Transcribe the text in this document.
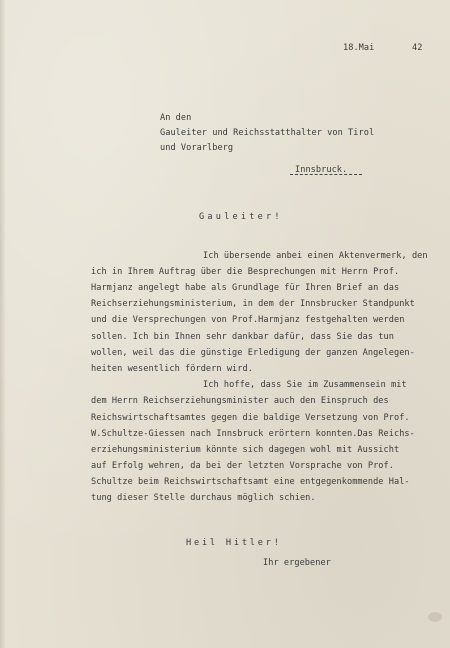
18.Mai	42
An den
Gauleiter und Reichsstatthalter von Tirol
und Vorarlberg
Innsbruck.
Gauleiter!
Ich übersende anbei einen Aktenvermerk, den
ich in Ihrem Auftrag über die Besprechungen mit Herrn Prof.
Harmjanz angelegt habe als Grundlage für Ihren Brief an das
Reichserziehungsministerium, in dem der Innsbrucker Standpunkt
und die Versprechungen von Prof.Harmjanz festgehalten werden
sollen. Ich bin Ihnen sehr dankbar dafür, dass Sie das tun
wollen, weil das die günstige Erledigung der ganzen Angelegen-
heiten wesentlich fördern wird.
Ich hoffe, dass Sie im Zusammensein mit
dem Herrn Reichserziehungsminister auch den Einspruch des
Reichswirtschaftsamtes gegen die baldige Versetzung von Prof.
W.Schultze-Giessen nach Innsbruck erörtern konnten.Das Reichs-
erziehungsministerium könnte sich dagegen wohl mit Aussicht
auf Erfolg wehren, da bei der letzten Vorsprache von Prof.
Schultze beim Reichswirtschaftsamt eine entgegenkommende Hal-
tung dieser Stelle durchaus möglich schien.
Heil Hitler!
Ihr ergebener
